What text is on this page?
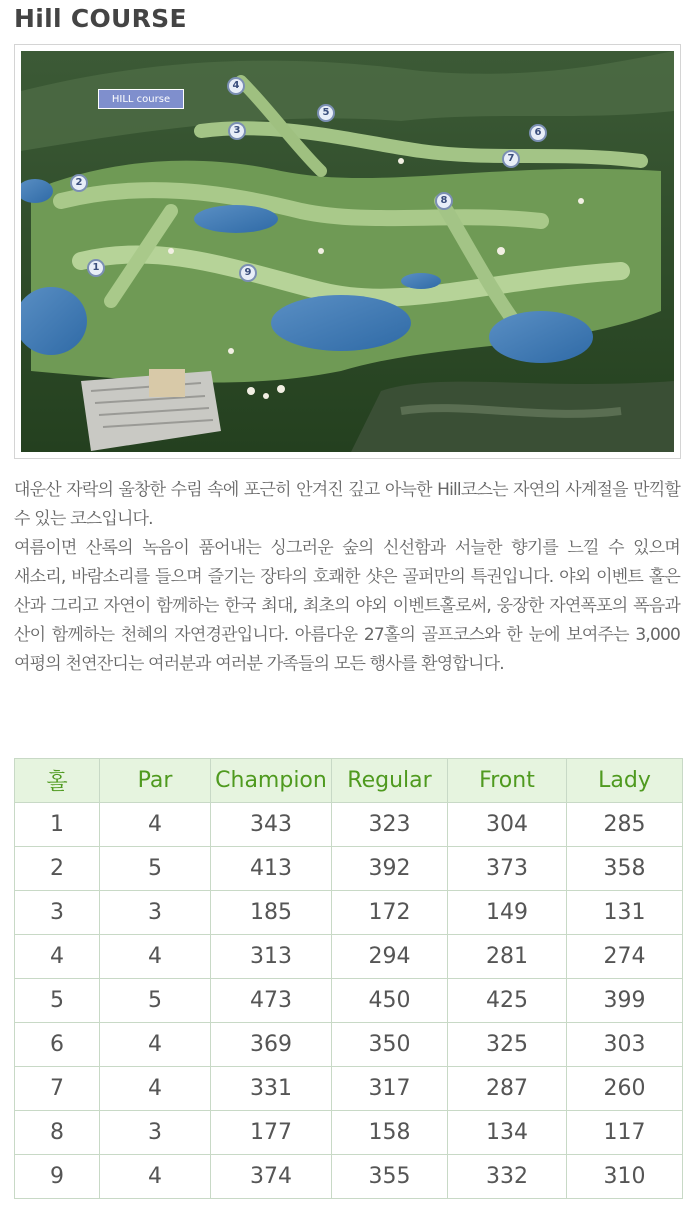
Hill COURSE
HILL course
1
2
3
4
5
6
7
8
9

대운산 자락의 울창한 수림 속에 포근히 안겨진 깊고 아늑한 Hill코스는 자연의 사계절을 만끽할 수 있는 코스입니다.

여름이면 산록의 녹음이 품어내는 싱그러운 숲의 신선함과 서늘한 향기를 느낄 수 있으며 새소리, 바람소리를 들으며 즐기는 장타의 호쾌한 샷은 골퍼만의 특권입니다. 야외 이벤트 홀은 산과 그리고 자연이 함께하는 한국 최대, 최초의 야외 이벤트홀로써, 웅장한 자연폭포의 폭음과 산이 함께하는 천혜의 자연경관입니다. 아름다운 27홀의 골프코스와 한 눈에 보여주는 3,000 여평의 천연잔디는 여러분과 여러분 가족들의 모든 행사를 환영합니다.

홀	Par	Champion	Regular	Front	Lady
1	4	343	323	304	285
2	5	413	392	373	358
3	3	185	172	149	131
4	4	313	294	281	274
5	5	473	450	425	399
6	4	369	350	325	303
7	4	331	317	287	260
8	3	177	158	134	117
9	4	374	355	332	310
